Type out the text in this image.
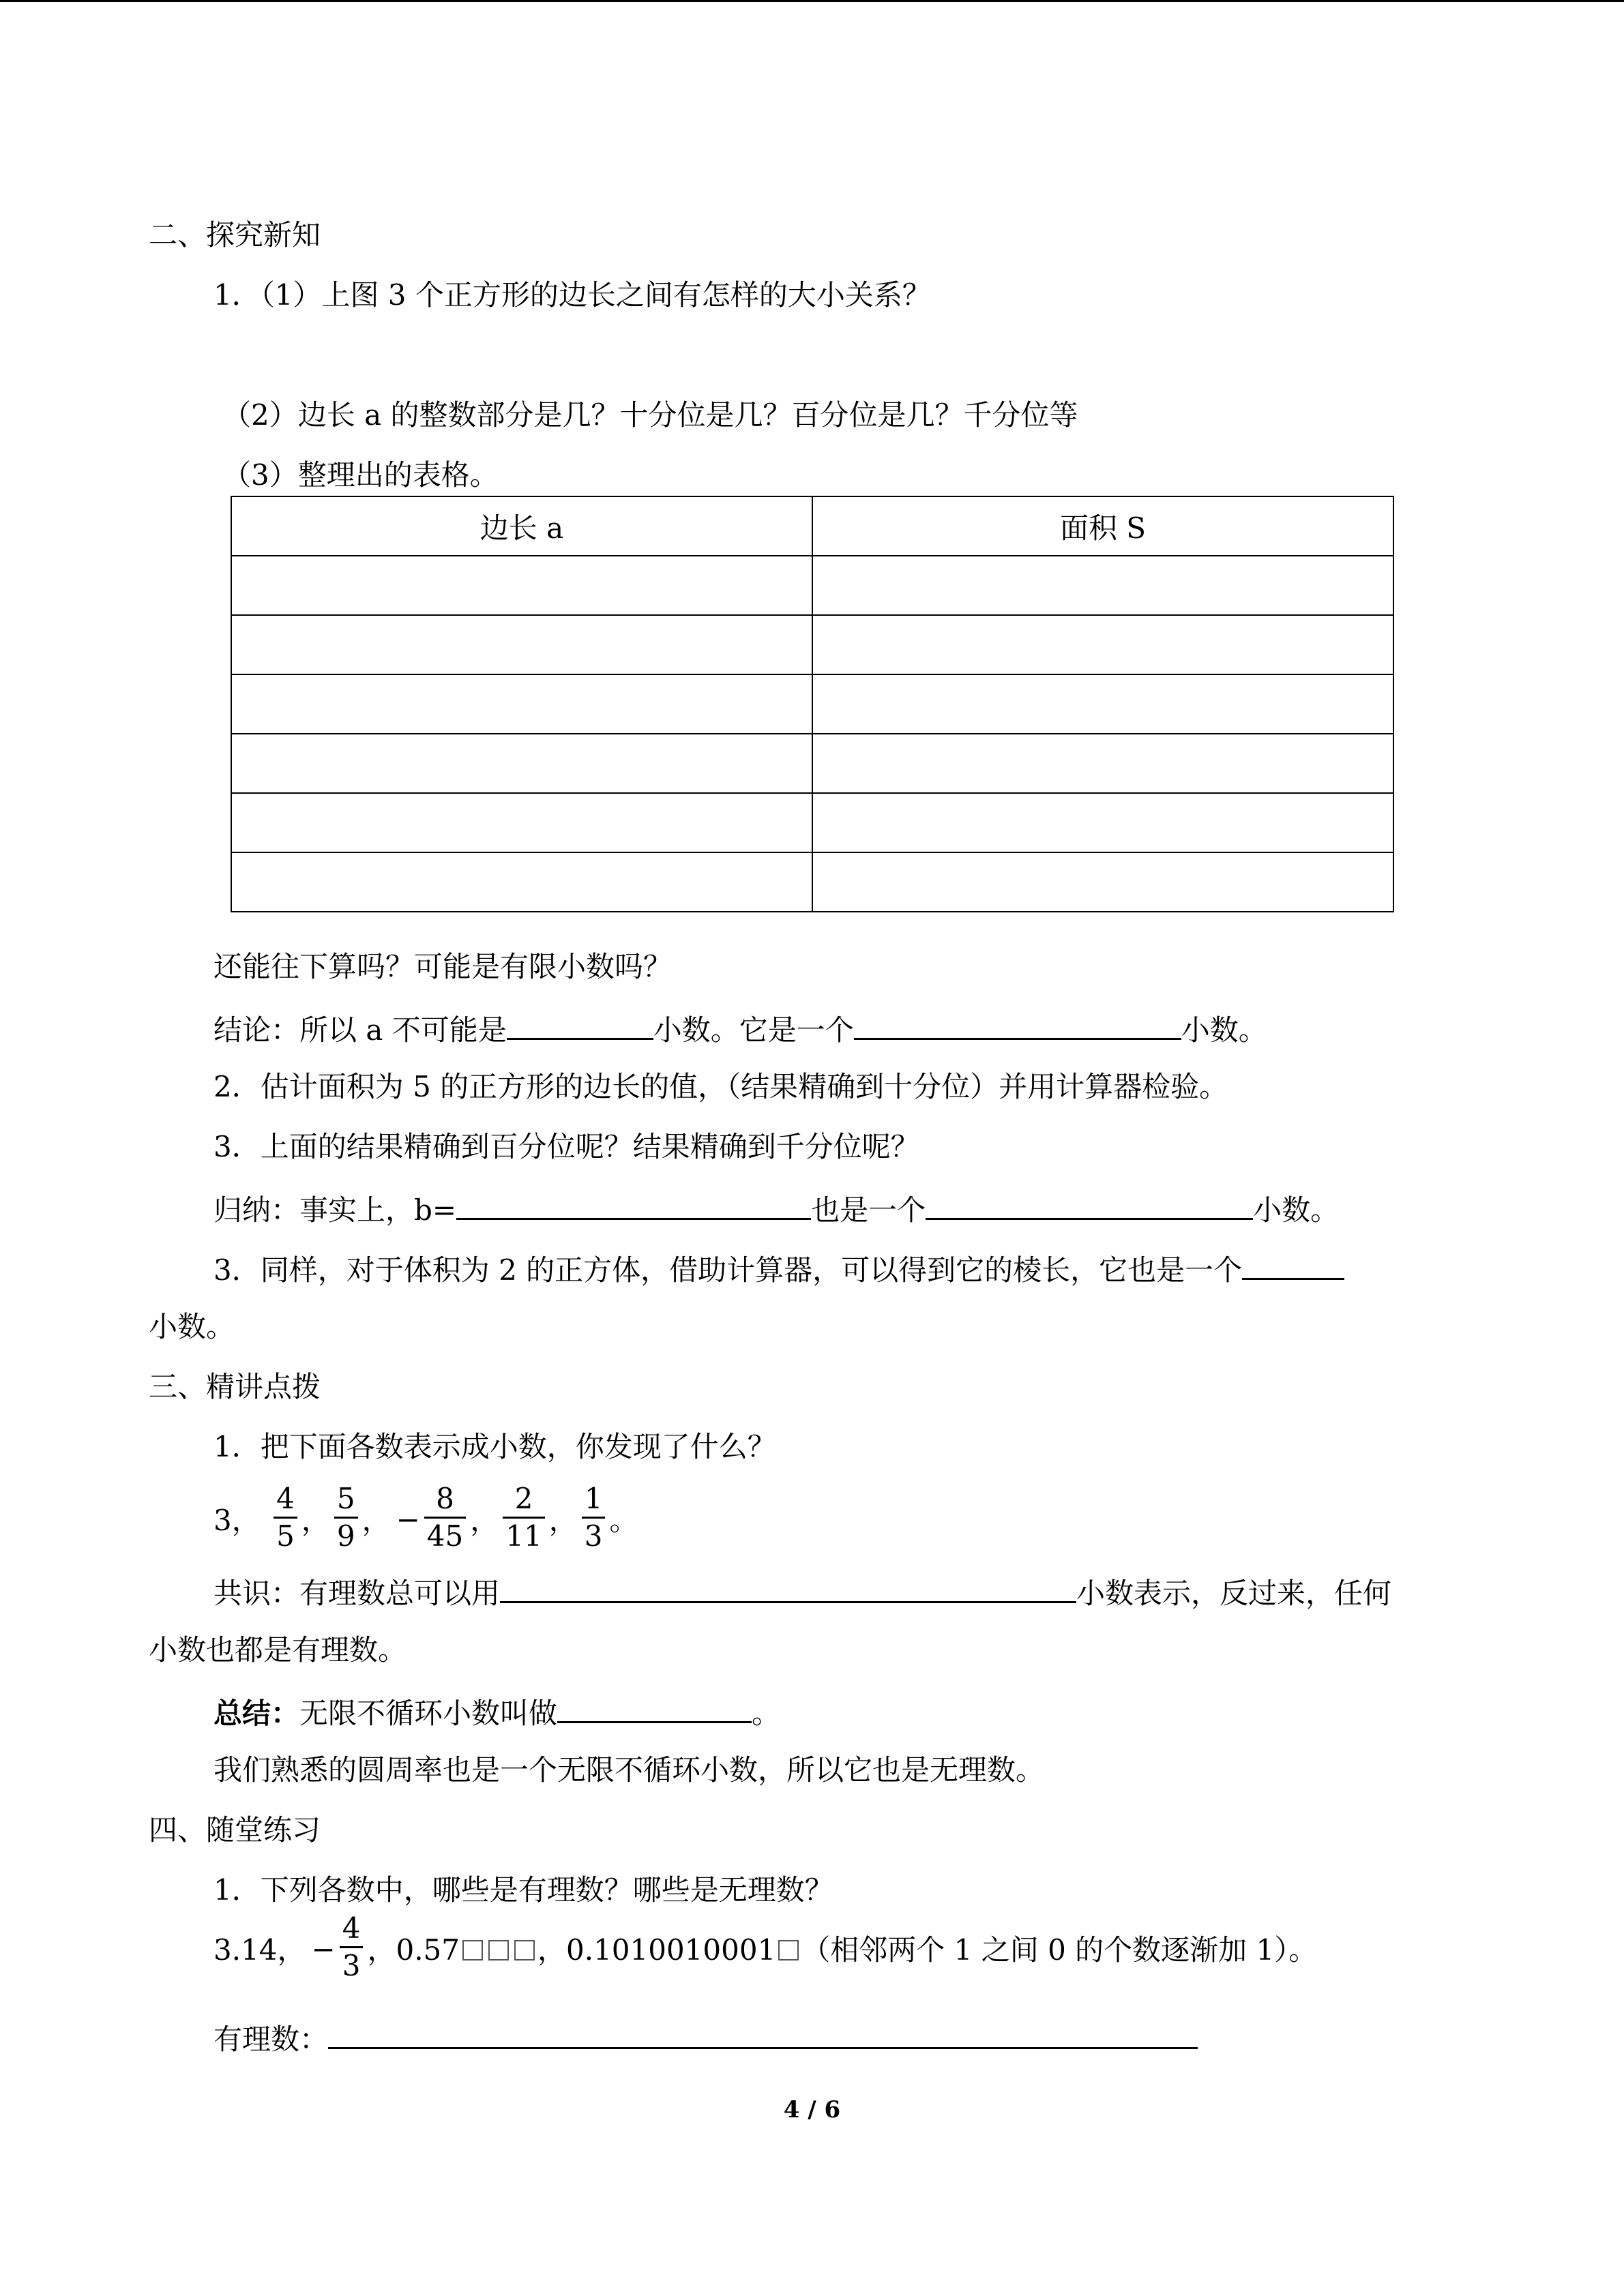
二、探究新知
1．（1）上图 3 个正方形的边长之间有怎样的大小关系？
（2）边长 a 的整数部分是几？十分位是几？百分位是几？千分位等
（3）整理出的表格。
边长 a	面积 S

还能往下算吗？可能是有限小数吗？
结论：所以 a 不可能是	小数。它是一个	小数。
2．估计面积为 5 的正方形的边长的值，（结果精确到十分位）并用计算器检验。
3．上面的结果精确到百分位呢？结果精确到千分位呢？
归纳：事实上，b=	也是一个	小数。
3．同样，对于体积为 2 的正方体，借助计算器，可以得到它的棱长，它也是一个
小数。
三、精讲点拨
1．把下面各数表示成小数，你发现了什么？
3， $\frac{4}{5}$ ， $\frac{5}{9}$ ， − $\frac{8}{45}$ ， $\frac{2}{11}$ ， $\frac{1}{3}$ 。
共识：有理数总可以用	小数表示，反过来，任何
小数也都是有理数。
总结：无限不循环小数叫做	。
我们熟悉的圆周率也是一个无限不循环小数，所以它也是无理数。
四、随堂练习
1．下列各数中，哪些是有理数？哪些是无理数？
3.14， − $\frac{4}{3}$ ，0.57	，0.1010010001 （相邻两个 1 之间 0 的个数逐渐加 1）。
有理数：
4 / 6
